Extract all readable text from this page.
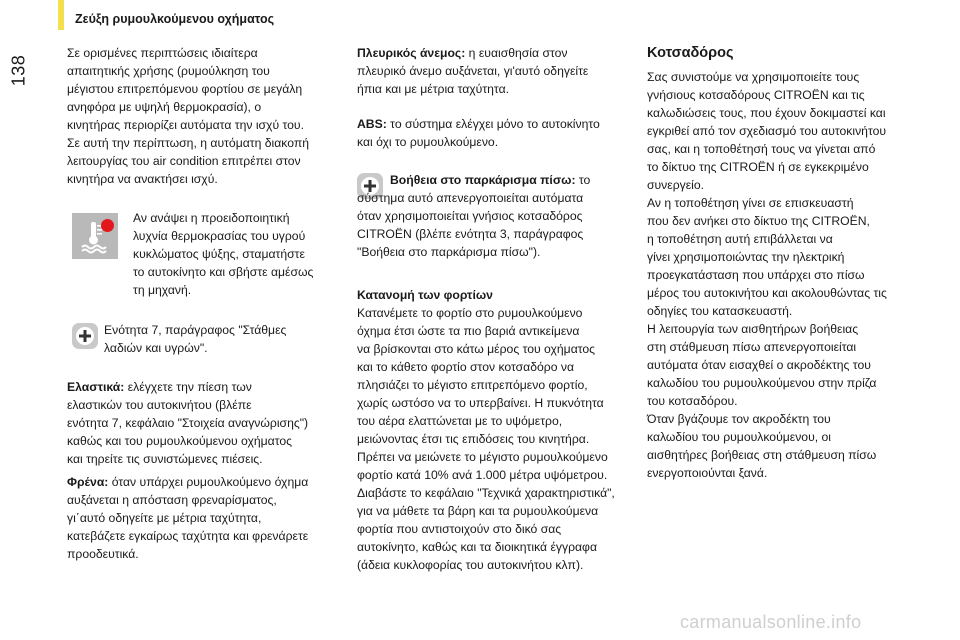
Ζεύξη ρυμουλκούμενου οχήματος
138
Σε ορισμένες περιπτώσεις ιδιαίτερα
απαιτητικής χρήσης (ρυμούλκηση του
μέγιστου επιτρεπόμενου φορτίου σε μεγάλη
ανηφόρα με υψηλή θερμοκρασία), ο
κινητήρας περιορίζει αυτόματα την ισχύ του.
Σε αυτή την περίπτωση, η αυτόματη διακοπή
λειτουργίας του air condition επιτρέπει στον
κινητήρα να ανακτήσει ισχύ.
Αν ανάψει η προειδοποιητική
λυχνία θερμοκρασίας του υγρού
κυκλώματος ψύξης, σταματήστε
το αυτοκίνητο και σβήστε αμέσως
τη μηχανή.
Ενότητα 7, παράγραφος "Στάθμες
λαδιών και υγρών".

Ελαστικά: ελέγχετε την πίεση των
ελαστικών του αυτοκινήτου (βλέπε
ενότητα 7, κεφάλαιο "Στοιχεία αναγνώρισης")
καθώς και του ρυμουλκούμενου οχήματος
και τηρείτε τις συνιστώμενες πιέσεις.

Φρένα: όταν υπάρχει ρυμουλκούμενο όχημα
αυξάνεται η απόσταση φρεναρίσματος,
γι΄αυτό οδηγείτε με μέτρια ταχύτητα,
κατεβάζετε εγκαίρως ταχύτητα και φρενάρετε
προοδευτικά.

Πλευρικός άνεμος: η ευαισθησία στον
πλευρικό άνεμο αυξάνεται, γι'αυτό οδηγείτε
ήπια και με μέτρια ταχύτητα.

ABS: το σύστημα ελέγχει μόνο το αυτοκίνητο
και όχι το ρυμουλκούμενο.

Βοήθεια στο παρκάρισμα πίσω: το
σύστημα αυτό απενεργοποιείται αυτόματα
όταν χρησιμοποιείται γνήσιος κοτσαδόρος
CITROËN (βλέπε ενότητα 3, παράγραφος
"Βοήθεια στο παρκάρισμα πίσω").

Κατανομή των φορτίων

Κατανέμετε το φορτίο στο ρυμουλκούμενο
όχημα έτσι ώστε τα πιο βαριά αντικείμενα
να βρίσκονται στο κάτω μέρος του οχήματος
και το κάθετο φορτίο στον κοτσαδόρο να
πλησιάζει το μέγιστο επιτρεπόμενο φορτίο,
χωρίς ωστόσο να το υπερβαίνει. Η πυκνότητα
του αέρα ελαττώνεται με το υψόμετρο,
μειώνοντας έτσι τις επιδόσεις του κινητήρα.
Πρέπει να μειώνετε το μέγιστο ρυμουλκούμενο
φορτίο κατά 10% ανά 1.000 μέτρα υψόμετρου.
Διαβάστε το κεφάλαιο "Τεχνικά χαρακτηριστικά",
για να μάθετε τα βάρη και τα ρυμουλκούμενα
φορτία που αντιστοιχούν στο δικό σας
αυτοκίνητο, καθώς και τα διοικητικά έγγραφα
(άδεια κυκλοφορίας του αυτοκινήτου κλπ).

Κοτσαδόρος

Σας συνιστούμε να χρησιμοποιείτε τους
γνήσιους κοτσαδόρους CITROËN και τις
καλωδιώσεις τους, που έχουν δοκιμαστεί και
εγκριθεί από τον σχεδιασμό του αυτοκινήτου
σας, και η τοποθέτησή τους να γίνεται από
το δίκτυο της CITROËN ή σε εγκεκριμένο
συνεργείο.
Αν η τοποθέτηση γίνει σε επισκευαστή
που δεν ανήκει στο δίκτυο της CITROËN,
η τοποθέτηση αυτή επιβάλλεται να
γίνει χρησιμοποιώντας την ηλεκτρική
προεγκατάσταση που υπάρχει στο πίσω
μέρος του αυτοκινήτου και ακολουθώντας τις
οδηγίες του κατασκευαστή.
Η λειτουργία των αισθητήρων βοήθειας
στη στάθμευση πίσω απενεργοποιείται
αυτόματα όταν εισαχθεί ο ακροδέκτης του
καλωδίου του ρυμουλκούμενου στην πρίζα
του κοτσαδόρου.
Όταν βγάζουμε τον ακροδέκτη του
καλωδίου του ρυμουλκούμενου, οι
αισθητήρες βοήθειας στη στάθμευση πίσω
ενεργοποιούνται ξανά.

carmanualsonline.info
